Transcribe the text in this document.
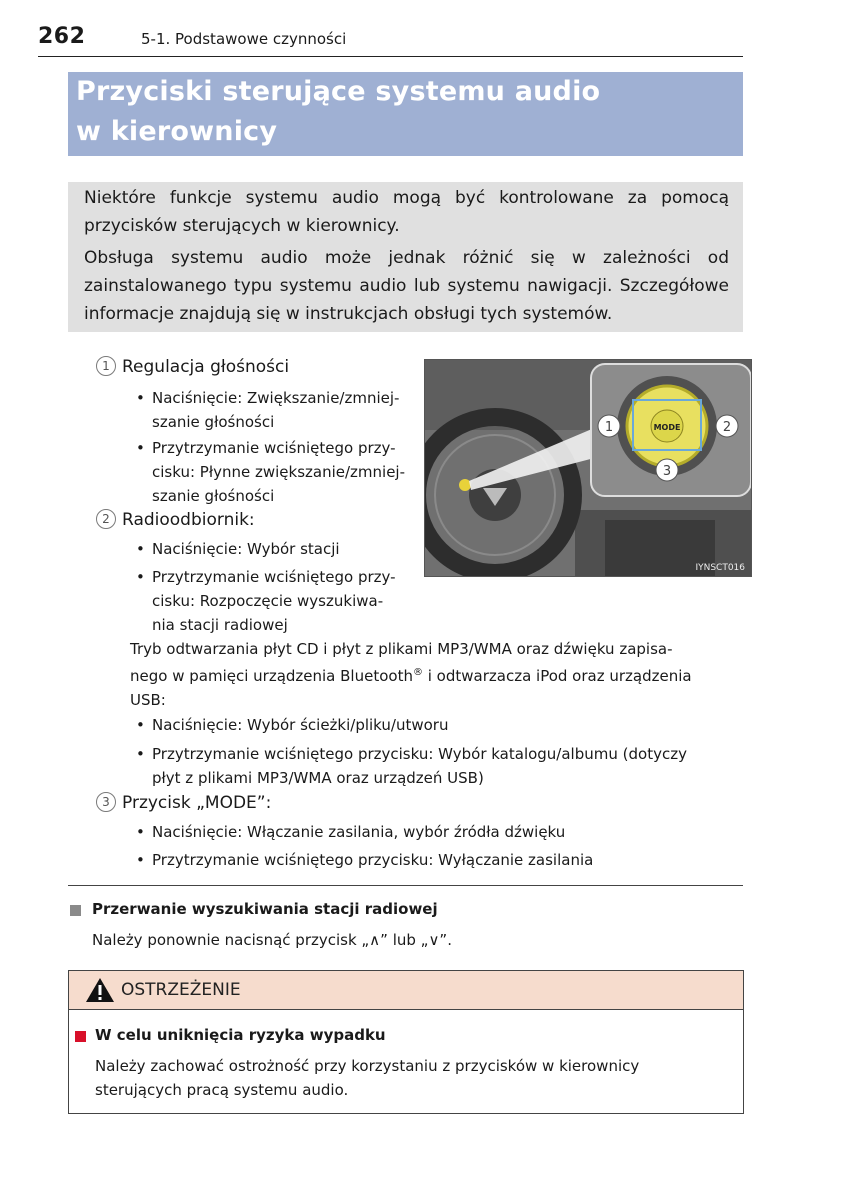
262	5-1. Podstawowe czynności
Przyciski sterujące systemu audio
w kierownicy

Niektóre funkcje systemu audio mogą być kontrolowane za pomocą przycisków sterujących w kierownicy.

Obsługa systemu audio może jednak różnić się w zależności od zainstalowanego typu systemu audio lub systemu nawigacji. Szczegółowe informacje znajdują się w instrukcjach obsługi tych systemów.

1 Regulacja głośności
• Naciśnięcie: Zwiększanie/zmniej-
szanie głośności
• Przytrzymanie wciśniętego przy-
cisku: Płynne zwiększanie/zmniej-
szanie głośności
2 Radioodbiornik:
• Naciśnięcie: Wybór stacji
• Przytrzymanie wciśniętego przy-
cisku: Rozpoczęcie wyszukiwa-
nia stacji radiowej
Tryb odtwarzania płyt CD i płyt z plikami MP3/WMA oraz dźwięku zapisa-
nego w pamięci urządzenia Bluetooth® i odtwarzacza iPod oraz urządzenia
USB:
• Naciśnięcie: Wybór ścieżki/pliku/utworu
• Przytrzymanie wciśniętego przycisku: Wybór katalogu/albumu (dotyczy
płyt z plikami MP3/WMA oraz urządzeń USB)
3 Przycisk „MODE”:
• Naciśnięcie: Włączanie zasilania, wybór źródła dźwięku
• Przytrzymanie wciśniętego przycisku: Wyłączanie zasilania
MODE
1	2
3
IYNSCT016
Przerwanie wyszukiwania stacji radiowej
Należy ponownie nacisnąć przycisk „∧” lub „∨”.
OSTRZEŻENIE
W celu uniknięcia ryzyka wypadku
Należy zachować ostrożność przy korzystaniu z przycisków w kierownicy
sterujących pracą systemu audio.
